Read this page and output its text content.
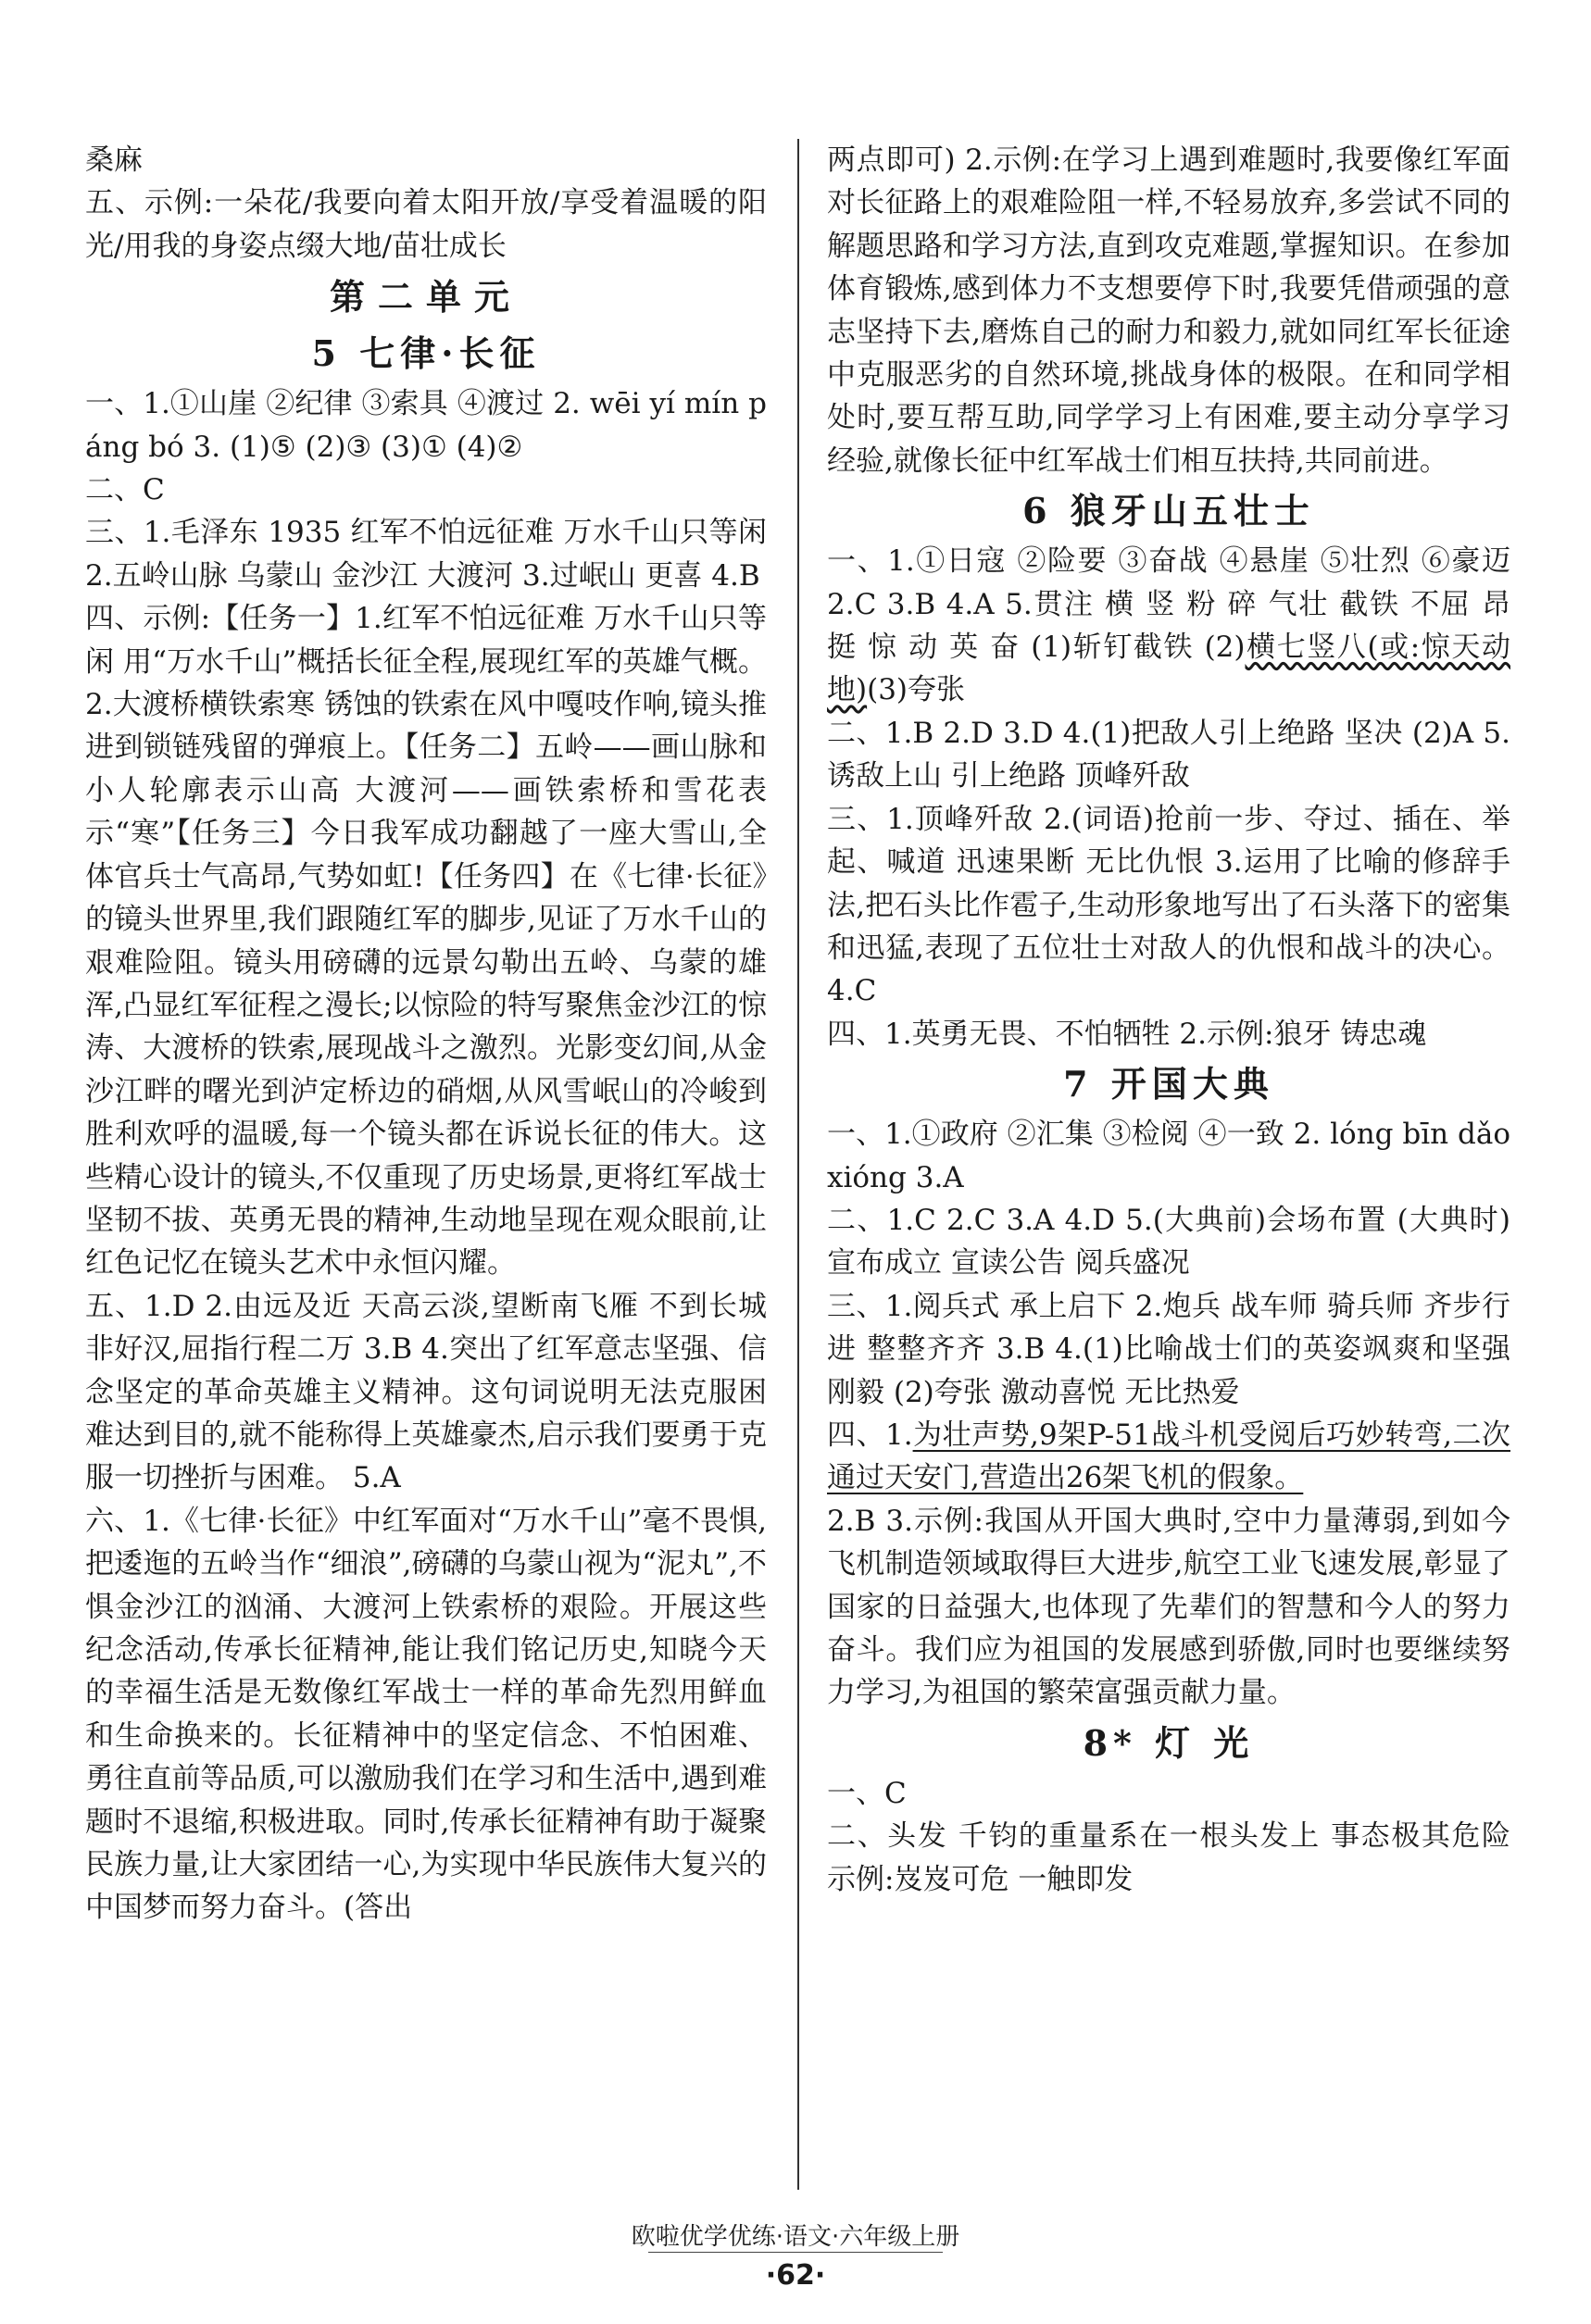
桑麻

五、示例:一朵花/我要向着太阳开放/享受着温暖的阳光/用我的身姿点缀大地/苗壮成长

第二单元
5 七律·长征

一、1.①山崖 ②纪律 ③索具 ④渡过 2. wēi yí mín páng bó 3. (1)⑤ (2)③ (3)① (4)②

二、C

三、1.毛泽东 1935 红军不怕远征难 万水千山只等闲 2.五岭山脉 乌蒙山 金沙江 大渡河 3.过岷山 更喜 4.B

四、示例:【任务一】1.红军不怕远征难 万水千山只等闲 用“万水千山”概括长征全程,展现红军的英雄气概。 2.大渡桥横铁索寒 锈蚀的铁索在风中嘎吱作响,镜头推进到锁链残留的弹痕上。【任务二】五岭——画山脉和小人轮廓表示山高 大渡河——画铁索桥和雪花表示“寒”【任务三】今日我军成功翻越了一座大雪山,全体官兵士气高昂,气势如虹!【任务四】在《七律·长征》的镜头世界里,我们跟随红军的脚步,见证了万水千山的艰难险阻。镜头用磅礴的远景勾勒出五岭、乌蒙的雄浑,凸显红军征程之漫长;以惊险的特写聚焦金沙江的惊涛、大渡桥的铁索,展现战斗之激烈。光影变幻间,从金沙江畔的曙光到泸定桥边的硝烟,从风雪岷山的冷峻到胜利欢呼的温暖,每一个镜头都在诉说长征的伟大。这些精心设计的镜头,不仅重现了历史场景,更将红军战士坚韧不拔、英勇无畏的精神,生动地呈现在观众眼前,让红色记忆在镜头艺术中永恒闪耀。

五、1.D 2.由远及近 天高云淡,望断南飞雁 不到长城非好汉,屈指行程二万 3.B 4.突出了红军意志坚强、信念坚定的革命英雄主义精神。这句词说明无法克服困难达到目的,就不能称得上英雄豪杰,启示我们要勇于克服一切挫折与困难。 5.A

六、1.《七律·长征》中红军面对“万水千山”毫不畏惧,把逶迤的五岭当作“细浪”,磅礴的乌蒙山视为“泥丸”,不惧金沙江的汹涌、大渡河上铁索桥的艰险。开展这些纪念活动,传承长征精神,能让我们铭记历史,知晓今天的幸福生活是无数像红军战士一样的革命先烈用鲜血和生命换来的。长征精神中的坚定信念、不怕困难、勇往直前等品质,可以激励我们在学习和生活中,遇到难题时不退缩,积极进取。同时,传承长征精神有助于凝聚民族力量,让大家团结一心,为实现中华民族伟大复兴的中国梦而努力奋斗。(答出

两点即可) 2.示例:在学习上遇到难题时,我要像红军面对长征路上的艰难险阻一样,不轻易放弃,多尝试不同的解题思路和学习方法,直到攻克难题,掌握知识。在参加体育锻炼,感到体力不支想要停下时,我要凭借顽强的意志坚持下去,磨炼自己的耐力和毅力,就如同红军长征途中克服恶劣的自然环境,挑战身体的极限。在和同学相处时,要互帮互助,同学学习上有困难,要主动分享学习经验,就像长征中红军战士们相互扶持,共同前进。

6 狼牙山五壮士

一、1.①日寇 ②险要 ③奋战 ④悬崖 ⑤壮烈 ⑥豪迈 2.C 3.B 4.A 5.贯注 横 竖 粉 碎 气壮 截铁 不屈 昂 挺 惊 动 英 奋 (1)斩钉截铁 (2)横七竖八(或:惊天动地)(3)夸张

二、1.B 2.D 3.D 4.(1)把敌人引上绝路 坚决 (2)A 5.诱敌上山 引上绝路 顶峰歼敌

三、1.顶峰歼敌 2.(词语)抢前一步、夺过、插在、举起、喊道 迅速果断 无比仇恨 3.运用了比喻的修辞手法,把石头比作雹子,生动形象地写出了石头落下的密集和迅猛,表现了五位壮士对敌人的仇恨和战斗的决心。 4.C

四、1.英勇无畏、不怕牺牲 2.示例:狼牙 铸忠魂

7 开国大典

一、1.①政府 ②汇集 ③检阅 ④一致 2. lóng bīn dǎo xióng 3.A

二、1.C 2.C 3.A 4.D 5.(大典前)会场布置 (大典时)宣布成立 宣读公告 阅兵盛况

三、1.阅兵式 承上启下 2.炮兵 战车师 骑兵师 齐步行进 整整齐齐 3.B 4.(1)比喻战士们的英姿飒爽和坚强刚毅 (2)夸张 激动喜悦 无比热爱

四、1.为壮声势,9架P-51战斗机受阅后巧妙转弯,二次通过天安门,营造出26架飞机的假象。

2.B 3.示例:我国从开国大典时,空中力量薄弱,到如今飞机制造领域取得巨大进步,航空工业飞速发展,彰显了国家的日益强大,也体现了先辈们的智慧和今人的努力奋斗。我们应为祖国的发展感到骄傲,同时也要继续努力学习,为祖国的繁荣富强贡献力量。

8* 灯 光

一、C

二、头发 千钧的重量系在一根头发上 事态极其危险 示例:岌岌可危 一触即发

欧啦优学优练·语文·六年级上册
·62·
